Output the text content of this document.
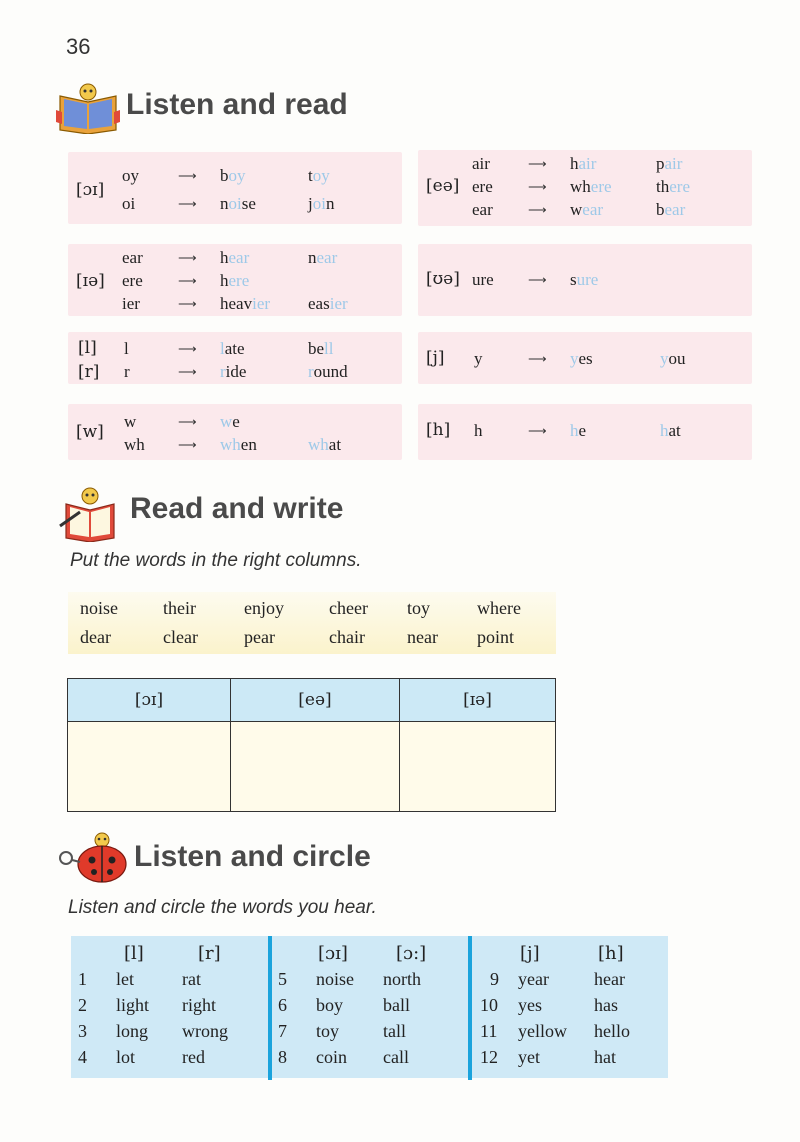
36
Listen and read
[ɔɪ]
oy	⟶ boy	toy
oi	⟶ noise	join
[eə]
air	⟶ hair	pair
ere	⟶ where	there
ear	⟶ wear	bear
[ɪə]
ear	⟶ hear	near
ere	⟶ here
ier	⟶ heavier easier
[ʊə] ure	⟶ sure
[l]
[r]
l	⟶ late	bell
r	⟶ ride	round
[j] y	⟶ yes	you
[w]
w	⟶ we
wh	⟶ when	what
[h] h	⟶ he	hat
Read and write
Put the words in the right columns.
noise	their	enjoy	cheer toy	where
dear	clear	pear	chair near point
[ɔɪ]	[eə]	[ɪə]

Listen and circle
Listen and circle the words you hear.
[l]	[r]
1 let	rat
2 light right
3 long wrong
4 lot	red
[ɔɪ]	[ɔ:]
5 noise north
6 boy ball
7 toy tall
8 coin call
[j]	[h]
9 year	hear
10 yes	has
11 yellow hello
12 yet	hat
